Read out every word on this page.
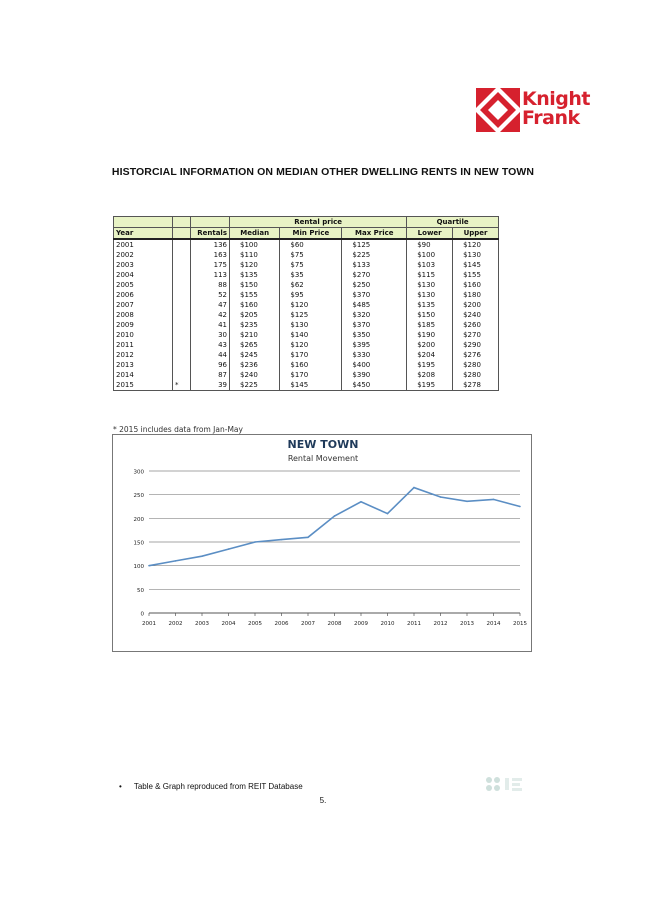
Knight
Frank
HISTORCIAL INFORMATION ON MEDIAN OTHER DWELLING RENTS IN NEW TOWN
			Rental price			Quartile	
Year		Rentals	Median	Min Price	Max Price	Lower	Upper
2001		136	$100	$60	$125	$90	$120
2002		163	$110	$75	$225	$100	$130
2003		175	$120	$75	$133	$103	$145
2004		113	$135	$35	$270	$115	$155
2005		88	$150	$62	$250	$130	$160
2006		52	$155	$95	$370	$130	$180
2007		47	$160	$120	$485	$135	$200
2008		42	$205	$125	$320	$150	$240
2009		41	$235	$130	$370	$185	$260
2010		30	$210	$140	$350	$190	$270
2011		43	$265	$120	$395	$200	$290
2012		44	$245	$170	$330	$204	$276
2013		96	$236	$160	$400	$195	$280
2014		87	$240	$170	$390	$208	$280
2015	*	39	$225	$145	$450	$195	$278
* 2015 includes data from Jan-May
NEW TOWN
Rental Movement
0
50
100
150
200
250
300
2001 2002 2003 2004 2005 2006 2007 2008 2009 2010 2011 2012 2013 2014 2015
• Table & Graph reproduced from REIT Database
5.
